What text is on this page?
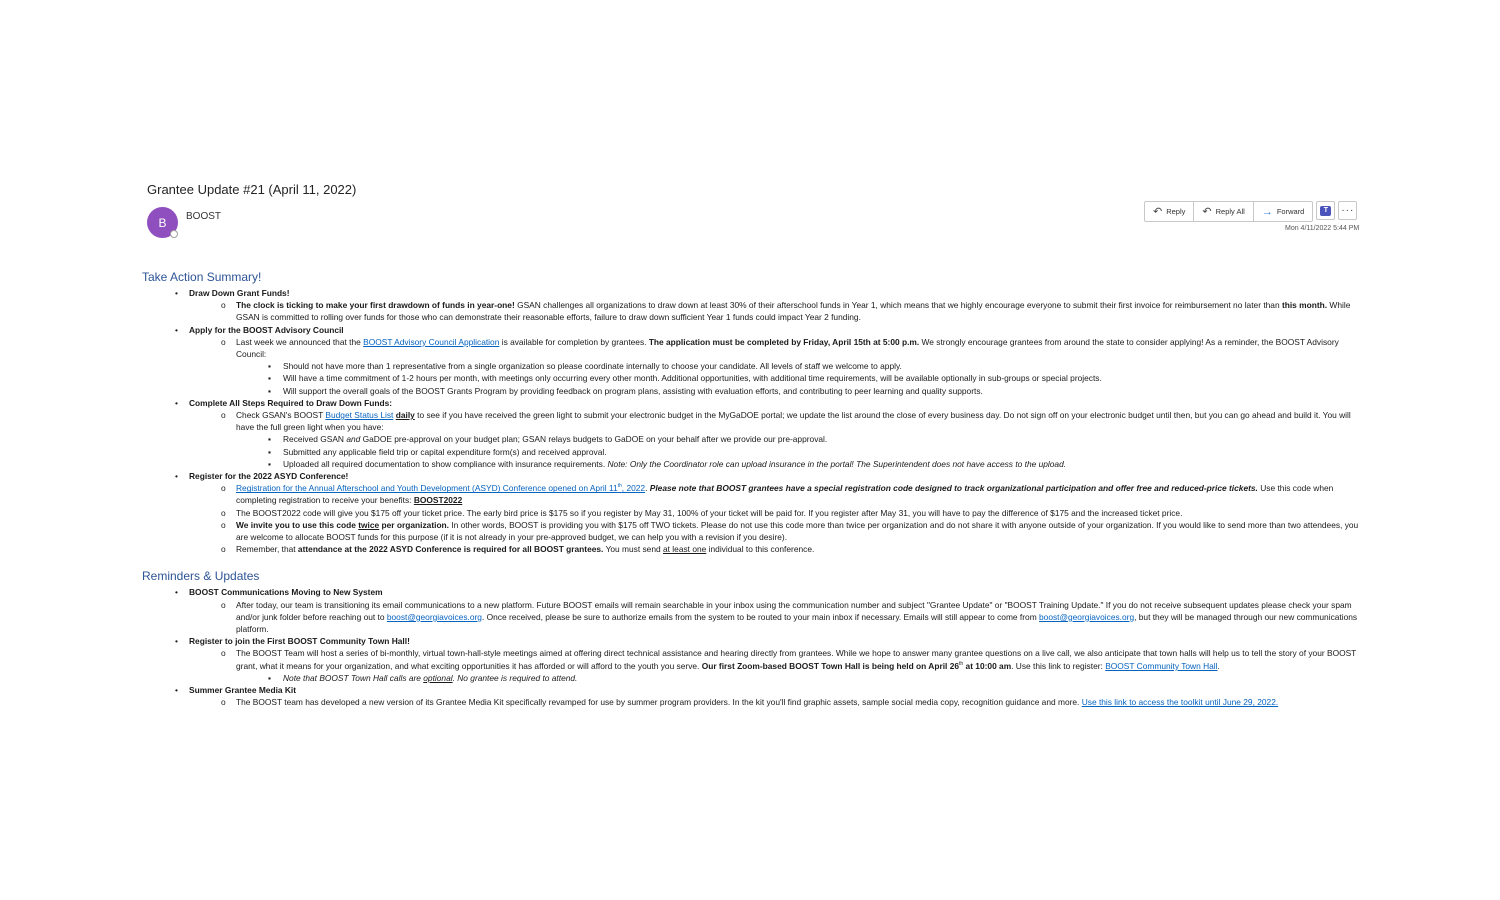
Grantee Update #21 (April 11, 2022)
B	BOOST	↶ Reply ↶ Reply All → Forward	T	···
Mon 4/11/2022 5:44 PM
Take Action Summary!
• Draw Down Grant Funds!
o The clock is ticking to make your first drawdown of funds in year-one! GSAN challenges all organizations to draw down at least 30% of their afterschool funds in Year 1, which means that we highly encourage everyone to submit their first invoice for reimbursement no later than this month. While GSAN is committed to rolling over funds for those who can demonstrate their reasonable efforts, failure to draw down sufficient Year 1 funds could impact Year 2 funding.
• Apply for the BOOST Advisory Council
o Last week we announced that the BOOST Advisory Council Application is available for completion by grantees. The application must be completed by Friday, April 15th at 5:00 p.m. We strongly encourage grantees from around the state to consider applying! As a reminder, the BOOST Advisory Council:
▪ Should not have more than 1 representative from a single organization so please coordinate internally to choose your candidate. All levels of staff we welcome to apply.
▪ Will have a time commitment of 1-2 hours per month, with meetings only occurring every other month. Additional opportunities, with additional time requirements, will be available optionally in sub-groups or special projects.
▪ Will support the overall goals of the BOOST Grants Program by providing feedback on program plans, assisting with evaluation efforts, and contributing to peer learning and quality supports.
• Complete All Steps Required to Draw Down Funds:
o Check GSAN's BOOST Budget Status List daily to see if you have received the green light to submit your electronic budget in the MyGaDOE portal; we update the list around the close of every business day. Do not sign off on your electronic budget until then, but you can go ahead and build it. You will have the full green light when you have:
▪ Received GSAN and GaDOE pre-approval on your budget plan; GSAN relays budgets to GaDOE on your behalf after we provide our pre-approval.
▪ Submitted any applicable field trip or capital expenditure form(s) and received approval.
▪ Uploaded all required documentation to show compliance with insurance requirements. Note: Only the Coordinator role can upload insurance in the portal! The Superintendent does not have access to the upload.
• Register for the 2022 ASYD Conference!
o Registration for the Annual Afterschool and Youth Development (ASYD) Conference opened on April 11th, 2022. Please note that BOOST grantees have a special registration code designed to track organizational participation and offer free and reduced-price tickets. Use this code when completing registration to receive your benefits: BOOST2022
o The BOOST2022 code will give you $175 off your ticket price. The early bird price is $175 so if you register by May 31, 100% of your ticket will be paid for. If you register after May 31, you will have to pay the difference of $175 and the increased ticket price.
o We invite you to use this code twice per organization. In other words, BOOST is providing you with $175 off TWO tickets. Please do not use this code more than twice per organization and do not share it with anyone outside of your organization. If you would like to send more than two attendees, you are welcome to allocate BOOST funds for this purpose (if it is not already in your pre-approved budget, we can help you with a revision if you desire).
o Remember, that attendance at the 2022 ASYD Conference is required for all BOOST grantees. You must send at least one individual to this conference.
Reminders & Updates
• BOOST Communications Moving to New System
o After today, our team is transitioning its email communications to a new platform. Future BOOST emails will remain searchable in your inbox using the communication number and subject "Grantee Update" or "BOOST Training Update." If you do not receive subsequent updates please check your spam and/or junk folder before reaching out to boost@georgiavoices.org. Once received, please be sure to authorize emails from the system to be routed to your main inbox if necessary. Emails will still appear to come from boost@georgiavoices.org, but they will be managed through our new communications platform.
• Register to join the First BOOST Community Town Hall!
o The BOOST Team will host a series of bi-monthly, virtual town-hall-style meetings aimed at offering direct technical assistance and hearing directly from grantees. While we hope to answer many grantee questions on a live call, we also anticipate that town halls will help us to tell the story of your BOOST grant, what it means for your organization, and what exciting opportunities it has afforded or will afford to the youth you serve. Our first Zoom-based BOOST Town Hall is being held on April 26th at 10:00 am. Use this link to register: BOOST Community Town Hall.
▪ Note that BOOST Town Hall calls are optional. No grantee is required to attend.
• Summer Grantee Media Kit
o The BOOST team has developed a new version of its Grantee Media Kit specifically revamped for use by summer program providers. In the kit you'll find graphic assets, sample social media copy, recognition guidance and more. Use this link to access the toolkit until June 29, 2022.
